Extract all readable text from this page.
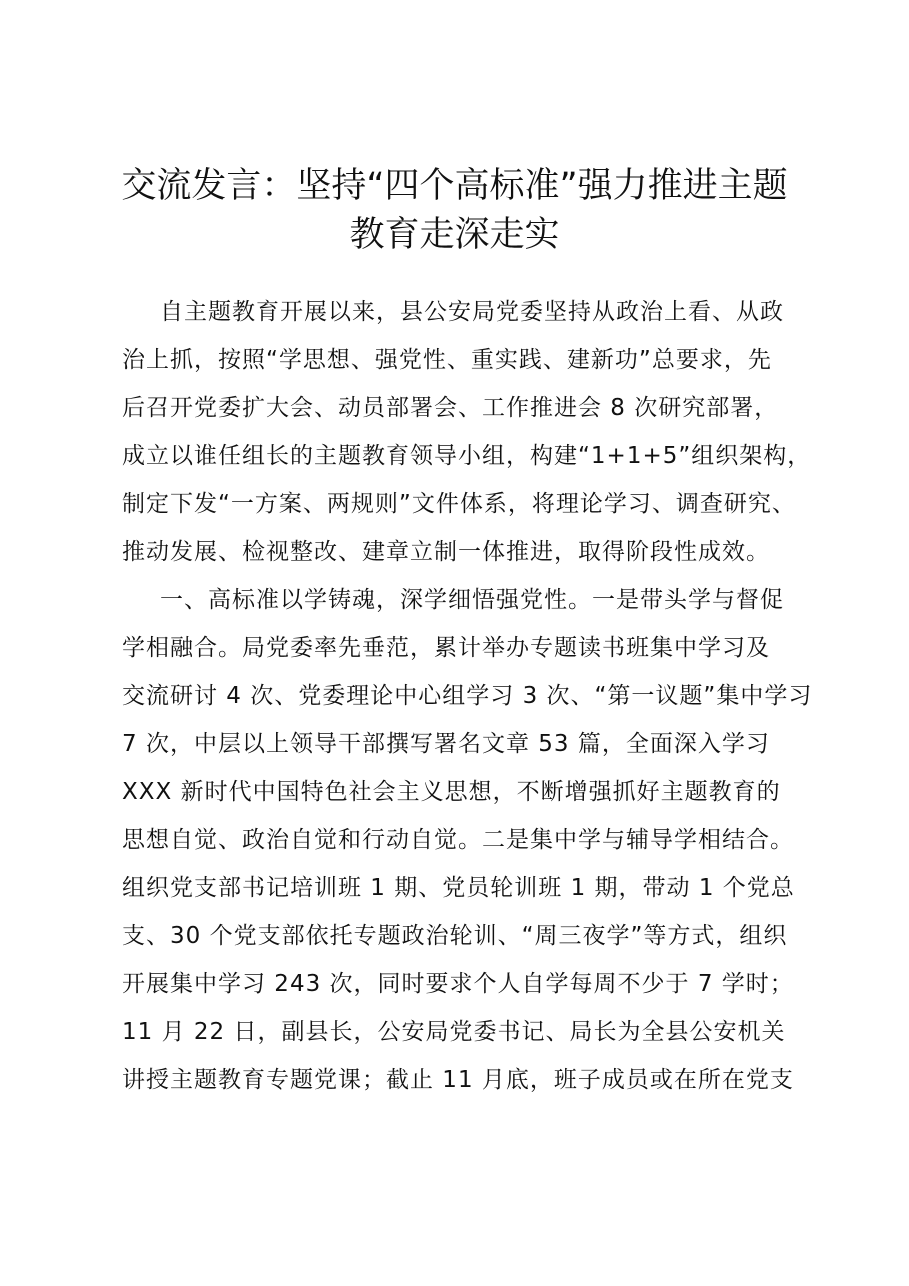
交流发言：坚持“四个高标准”强力推进主题
教育走深走实
自主题教育开展以来，县公安局党委坚持从政治上看、从政
治上抓，按照“学思想、强党性、重实践、建新功”总要求，先
后召开党委扩大会、动员部署会、工作推进会 8 次研究部署，
成立以谁任组长的主题教育领导小组，构建“1+1+5”组织架构，
制定下发“一方案、两规则”文件体系，将理论学习、调查研究、
推动发展、检视整改、建章立制一体推进，取得阶段性成效。
一、高标准以学铸魂，深学细悟强党性。一是带头学与督促
学相融合。局党委率先垂范，累计举办专题读书班集中学习及
交流研讨 4 次、党委理论中心组学习 3 次、“第一议题”集中学习
7 次，中层以上领导干部撰写署名文章 53 篇，全面深入学习
XXX 新时代中国特色社会主义思想，不断增强抓好主题教育的
思想自觉、政治自觉和行动自觉。二是集中学与辅导学相结合。
组织党支部书记培训班 1 期、党员轮训班 1 期，带动 1 个党总
支、30 个党支部依托专题政治轮训、“周三夜学”等方式，组织
开展集中学习 243 次，同时要求个人自学每周不少于 7 学时；
11 月 22 日，副县长，公安局党委书记、局长为全县公安机关
讲授主题教育专题党课；截止 11 月底，班子成员或在所在党支
